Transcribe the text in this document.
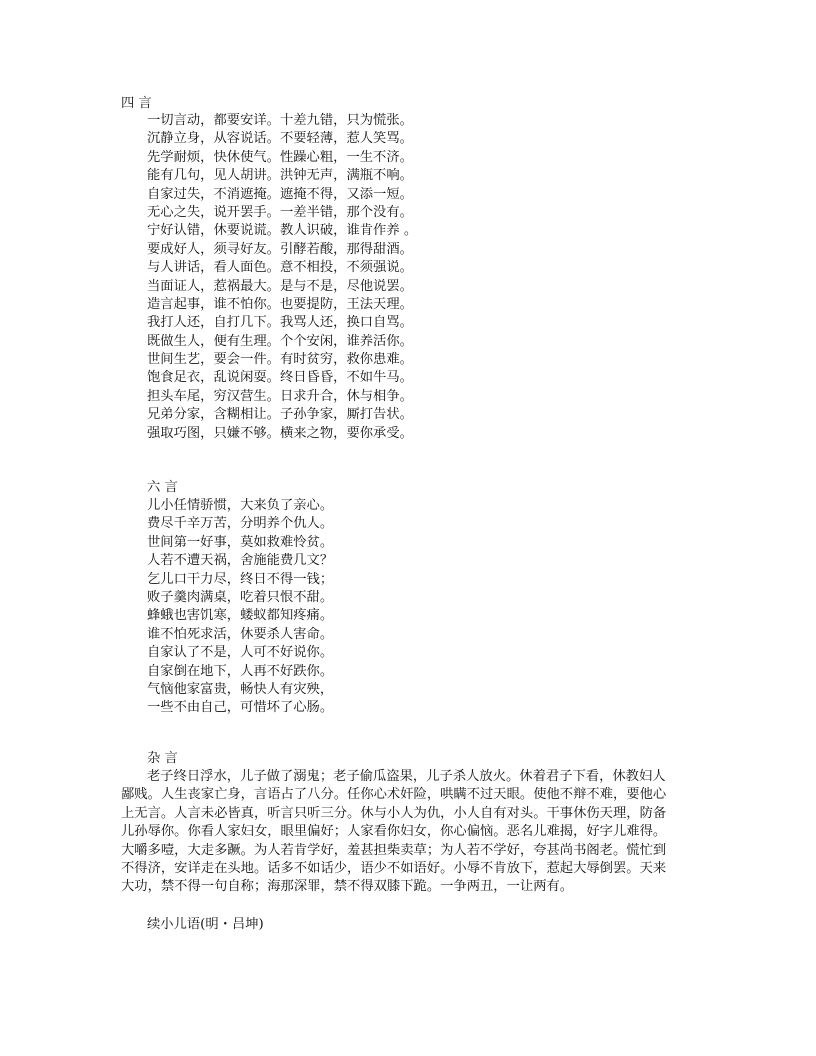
四 言
一切言动，都要安详。十差九错，只为慌张。
沉静立身，从容说话。不要轻薄，惹人笑骂。
先学耐烦，快休使气。性躁心粗，一生不济。
能有几句，见人胡讲。洪钟无声，满瓶不响。
自家过失，不消遮掩。遮掩不得，又添一短。
无心之失，说开罢手。一差半错，那个没有。
宁好认错，休要说谎。教人识破，谁肯作养 。
要成好人，须寻好友。引酵若酸，那得甜酒。
与人讲话，看人面色。意不相投，不须强说。
当面证人，惹祸最大。是与不是，尽他说罢。
造言起事，谁不怕你。也要提防，王法天理。
我打人还，自打几下。我骂人还，换口自骂。
既做生人，便有生理。个个安闲，谁养活你。
世间生艺，要会一件。有时贫穷，救你患难。
饱食足衣，乱说闲耍。终日昏昏，不如牛马。
担头车尾，穷汉营生。日求升合，休与相争。
兄弟分家，含糊相让。子孙争家，厮打告状。
强取巧图，只嫌不够。横来之物，要你承受。
六 言
儿小任情骄惯，大来负了亲心。
费尽千辛万苦，分明养个仇人。
世间第一好事，莫如救难怜贫。
人若不遭天祸，舍施能费几文？
乞儿口干力尽，终日不得一钱；
败子羹肉满桌，吃着只恨不甜。
蜂蛾也害饥寒，蝼蚁都知疼痛。
谁不怕死求活，休要杀人害命。
自家认了不是，人可不好说你。
自家倒在地下，人再不好跌你。
气恼他家富贵，畅快人有灾殃，
一些不由自己，可惜坏了心肠。
杂 言
老子终日浮水，儿子做了溺鬼；老子偷瓜盗果，儿子杀人放火。休着君子下看，休教妇人
鄙贱。人生丧家亡身，言语占了八分。任你心术奸险，哄瞒不过天眼。使他不辩不难，要他心
上无言。人言未必皆真，听言只听三分。休与小人为仇，小人自有对头。干事休伤天理，防备
儿孙辱你。你看人家妇女，眼里偏好；人家看你妇女，你心偏恼。恶名儿难揭，好字儿难得。
大嚼多噎，大走多蹶。为人若肯学好，羞甚担柴卖草；为人若不学好，夸甚尚书阁老。慌忙到
不得济，安详走在头地。话多不如话少，语少不如语好。小辱不肯放下，惹起大辱倒罢。天来
大功，禁不得一句自称；海那深罪，禁不得双膝下跪。一争两丑，一让两有。
续小儿语(明・吕坤)
